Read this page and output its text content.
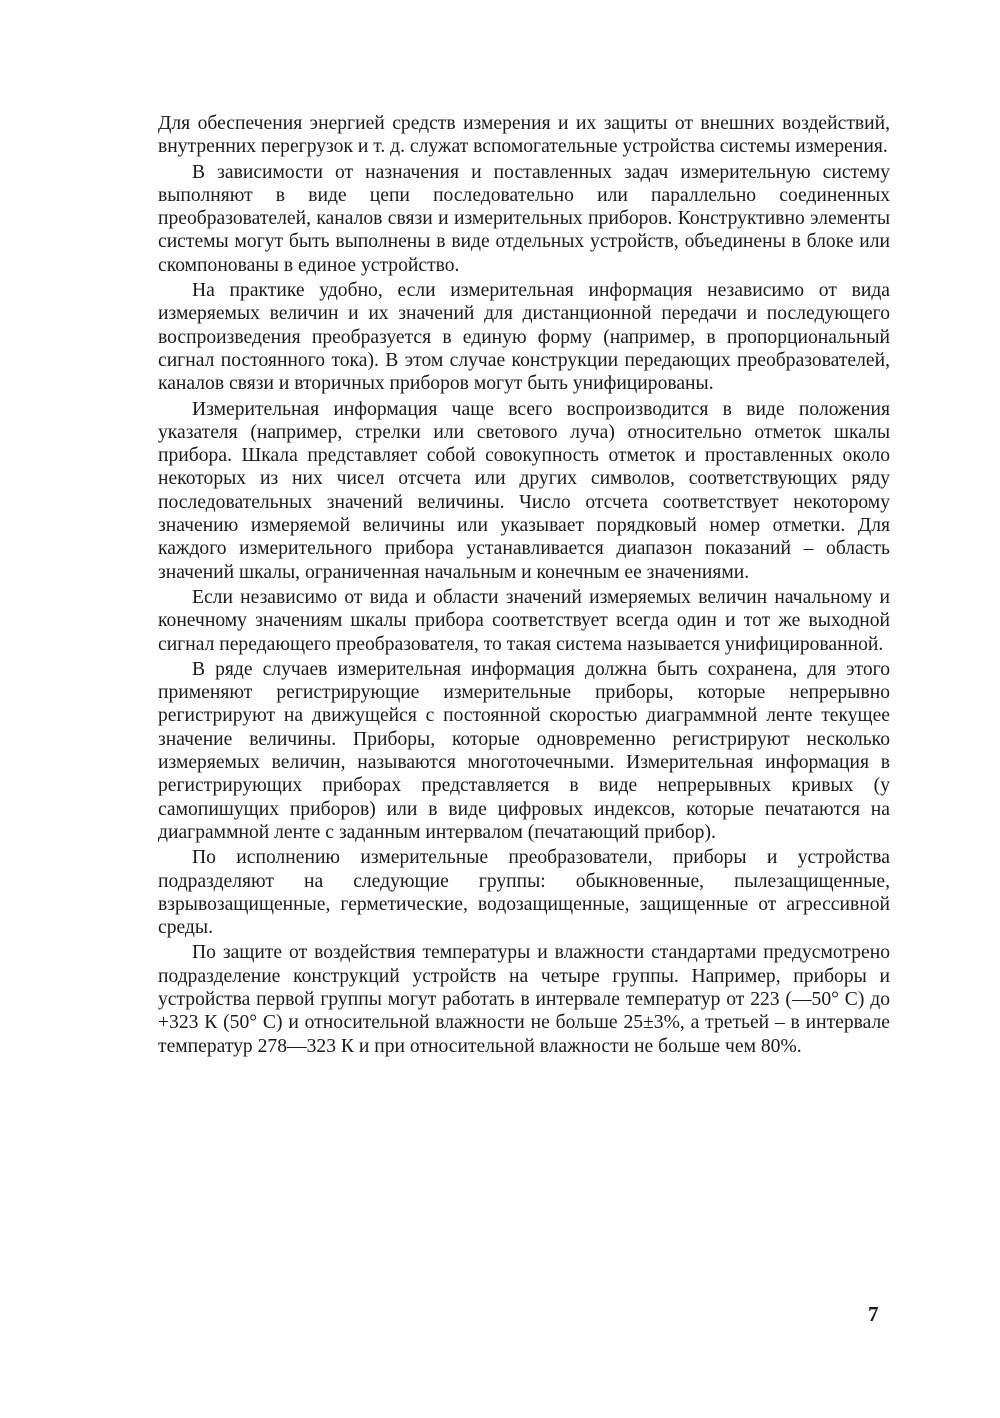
Для обеспечения энергией средств измерения и их защиты от внешних воздействий, внутренних перегрузок и т. д. служат вспомогательные устройства системы измерения.

В зависимости от назначения и поставленных задач измерительную систему выполняют в виде цепи последовательно или параллельно соединенных преобразователей, каналов связи и измерительных приборов. Конструктивно элементы системы могут быть выполнены в виде отдельных устройств, объединены в блоке или скомпонованы в единое устройство.

На практике удобно, если измерительная информация независимо от вида измеряемых величин и их значений для дистанционной передачи и последующего воспроизведения преобразуется в единую форму (например, в пропорциональный сигнал постоянного тока). В этом случае конструкции передающих преобразователей, каналов связи и вторичных приборов могут быть унифицированы.

Измерительная информация чаще всего воспроизводится в виде положения указателя (например, стрелки или светового луча) относительно отметок шкалы прибора. Шкала представляет собой совокупность отметок и проставленных около некоторых из них чисел отсчета или других символов, соответствующих ряду последовательных значений величины. Число отсчета соответствует некоторому значению измеряемой величины или указывает порядковый номер отметки. Для каждого измерительного прибора устанавливается диапазон показаний – область значений шкалы, ограниченная начальным и конечным ее значениями.

Если независимо от вида и области значений измеряемых величин начальному и конечному значениям шкалы прибора соответствует всегда один и тот же выходной сигнал передающего преобразователя, то такая система называется унифицированной.

В ряде случаев измерительная информация должна быть сохранена, для этого применяют регистрирующие измерительные приборы, которые непрерывно регистрируют на движущейся с постоянной скоростью диаграммной ленте текущее значение величины. Приборы, которые одновременно регистрируют несколько измеряемых величин, называются многоточечными. Измерительная информация в регистрирующих приборах представляется в виде непрерывных кривых (у самопишущих приборов) или в виде цифровых индексов, которые печатаются на диаграммной ленте с заданным интервалом (печатающий прибор).

По исполнению измерительные преобразователи, приборы и устройства подразделяют на следующие группы: обыкновенные, пылезащищенные, взрывозащищенные, герметические, водозащищенные, защищенные от агрессивной среды.

По защите от воздействия температуры и влажности стандартами предусмотрено подразделение конструкций устройств на четыре группы. Например, приборы и устройства первой группы могут работать в интервале температур от 223 (—50° С) до +323 К (50° С) и относительной влажности не больше 25±3%, а третьей – в интервале температур 278—323 К и при относительной влажности не больше чем 80%.

7
